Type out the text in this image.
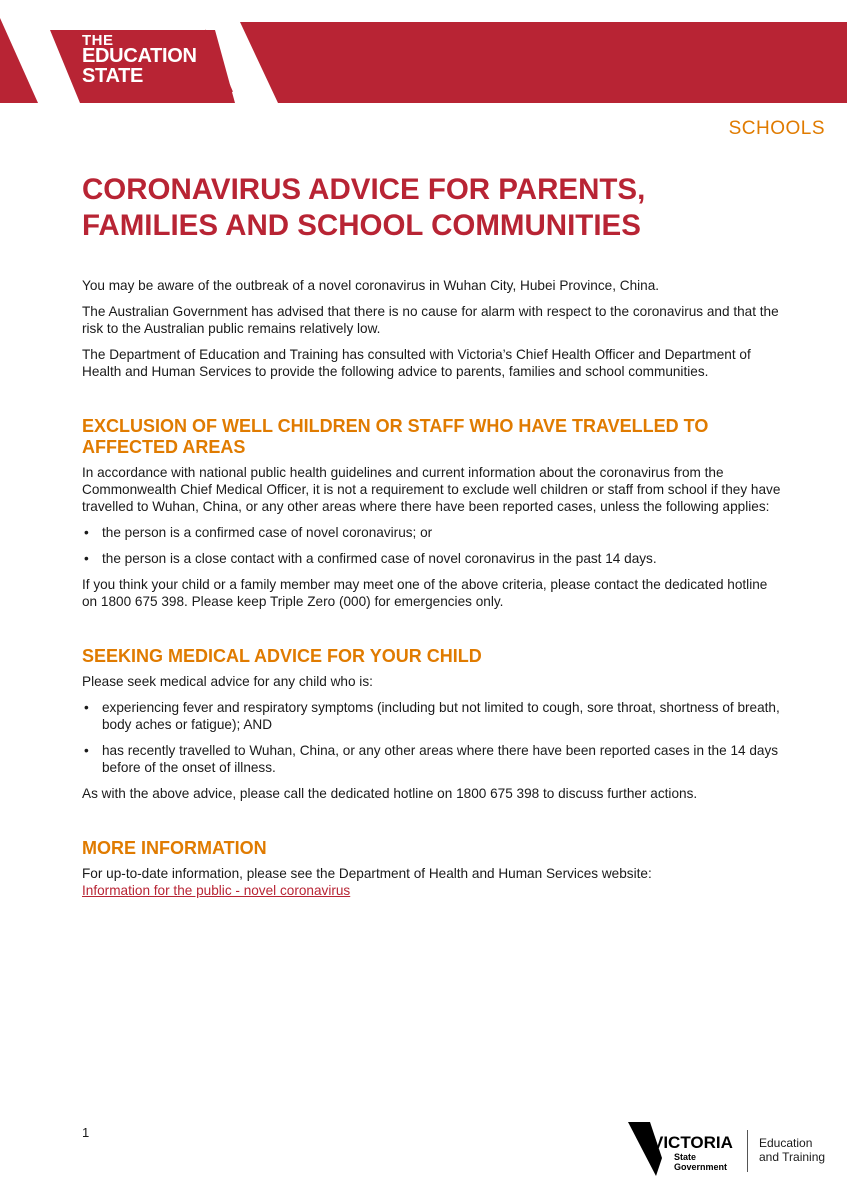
THE

EDUCATION

STATE

SCHOOLS

CORONAVIRUS ADVICE FOR PARENTS,
FAMILIES AND SCHOOL COMMUNITIES

You may be aware of the outbreak of a novel coronavirus in Wuhan City, Hubei Province, China.

The Australian Government has advised that there is no cause for alarm with respect to the coronavirus and that the risk to the Australian public remains relatively low.

The Department of Education and Training has consulted with Victoria’s Chief Health Officer and Department of Health and Human Services to provide the following advice to parents, families and school communities.

EXCLUSION OF WELL CHILDREN OR STAFF WHO HAVE TRAVELLED TO AFFECTED AREAS

In accordance with national public health guidelines and current information about the coronavirus from the Commonwealth Chief Medical Officer, it is not a requirement to exclude well children or staff from school if they have travelled to Wuhan, China, or any other areas where there have been reported cases, unless the following applies:

• the person is a confirmed case of novel coronavirus; or

• the person is a close contact with a confirmed case of novel coronavirus in the past 14 days.

If you think your child or a family member may meet one of the above criteria, please contact the dedicated hotline on 1800 675 398. Please keep Triple Zero (000) for emergencies only.

SEEKING MEDICAL ADVICE FOR YOUR CHILD

Please seek medical advice for any child who is:

• experiencing fever and respiratory symptoms (including but not limited to cough, sore throat, shortness of breath, body aches or fatigue); AND

• has recently travelled to Wuhan, China, or any other areas where there have been reported cases in the 14 days before of the onset of illness.

As with the above advice, please call the dedicated hotline on 1800 675 398 to discuss further actions.

MORE INFORMATION

For up-to-date information, please see the Department of Health and Human Services website:

Information for the public - novel coronavirus

1

VICTORIA

State
Government

Education
and Training
